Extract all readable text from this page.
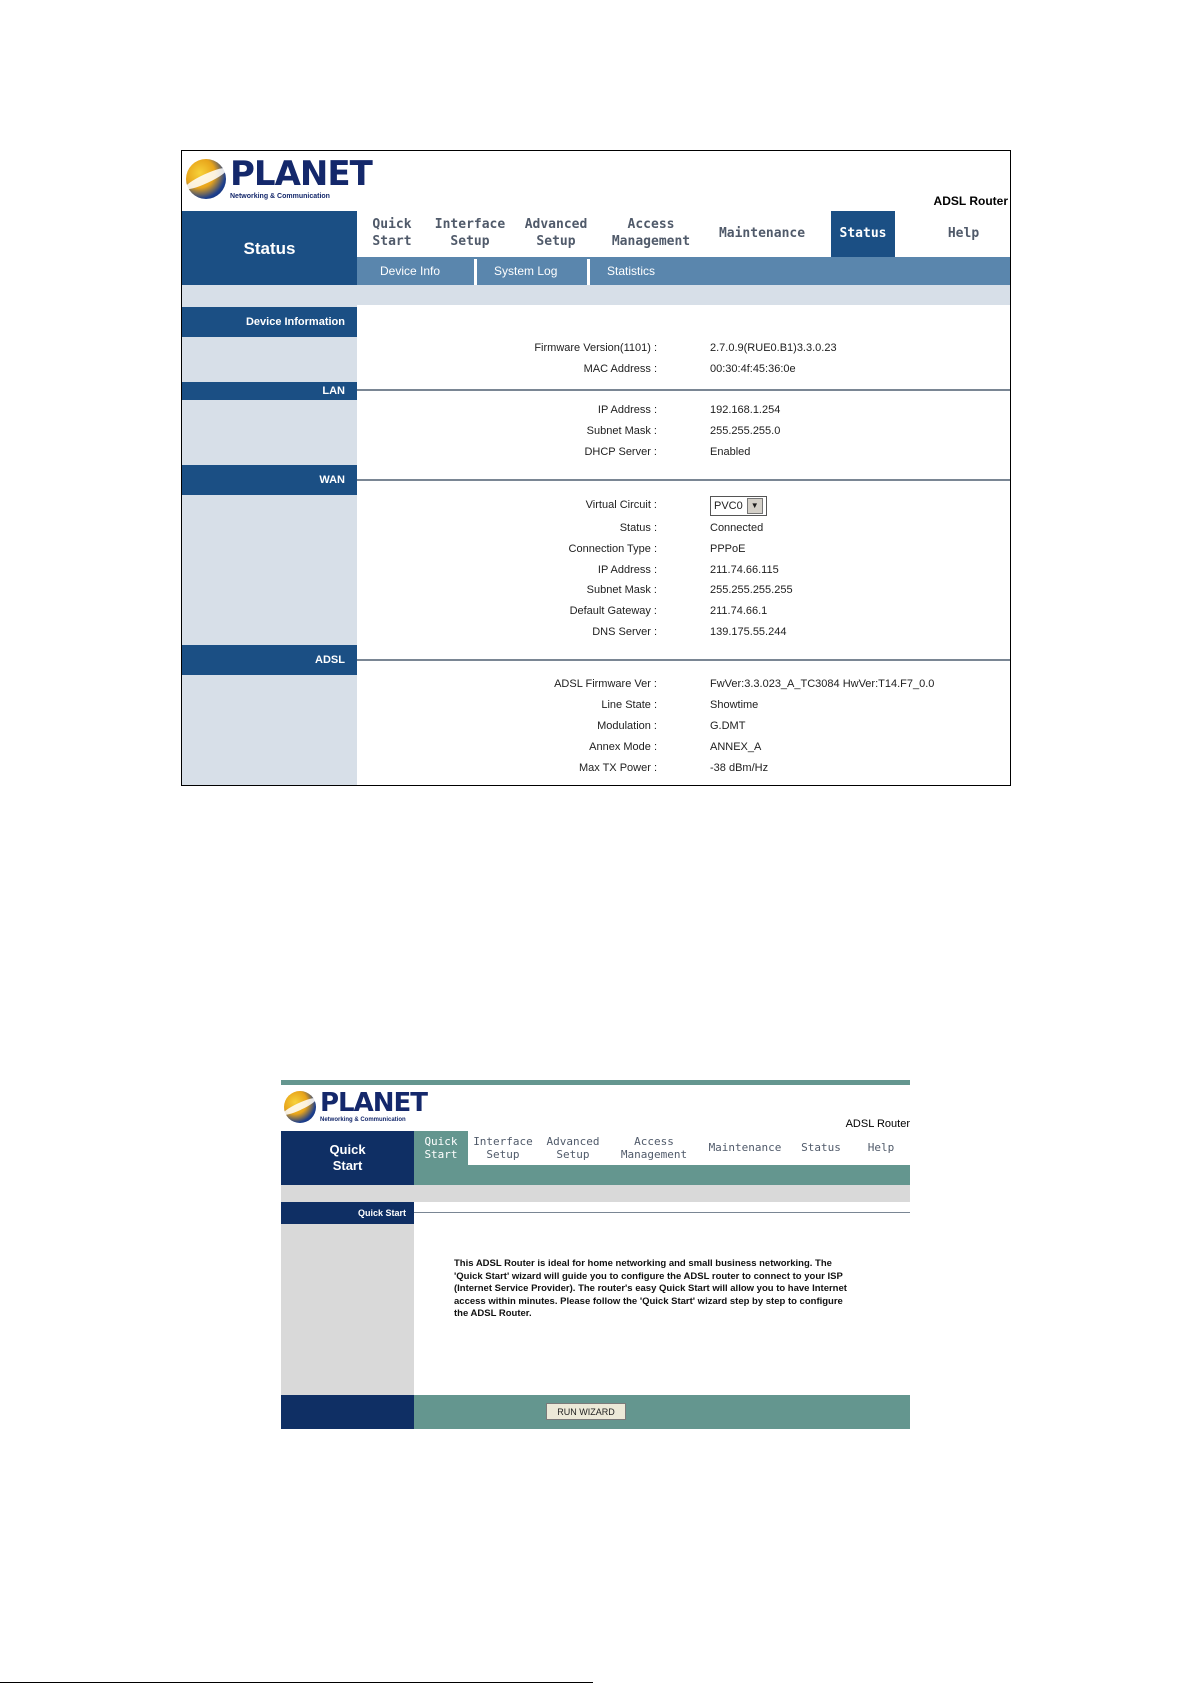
PLANET
Networking & Communication	ADSL Router
Status
Quick
Start
Interface
Setup
Advanced
Setup
Access
Management
Maintenance	Status	Help
Device Info	System Log	Statistics
Device Information
Firmware Version(1101) :	2.7.0.9(RUE0.B1)3.3.0.23
MAC Address :	00:30:4f:45:36:0e
LAN
IP Address :	192.168.1.254
Subnet Mask :	255.255.255.0
DHCP Server :	Enabled
WAN
Virtual Circuit :	PVC0	▼
Status :	Connected
Connection Type :	PPPoE
IP Address :	211.74.66.115
Subnet Mask :	255.255.255.255
Default Gateway :	211.74.66.1
DNS Server :	139.175.55.244
ADSL
ADSL Firmware Ver :	FwVer:3.3.023_A_TC3084 HwVer:T14.F7_0.0
Line State :	Showtime
Modulation :	G.DMT
Annex Mode :	ANNEX_A
Max TX Power :	-38 dBm/Hz
PLANET
Networking & Communication	ADSL Router
Quick
Start
Quick
Start
Interface
Setup
Advanced
Setup
Access
Management
Maintenance Status Help
Quick Start
This ADSL Router is ideal for home networking and small business networking. The
'Quick Start' wizard will guide you to configure the ADSL router to connect to your ISP
(Internet Service Provider). The router's easy Quick Start will allow you to have Internet
access within minutes. Please follow the 'Quick Start' wizard step by step to configure
the ADSL Router.
RUN WIZARD
